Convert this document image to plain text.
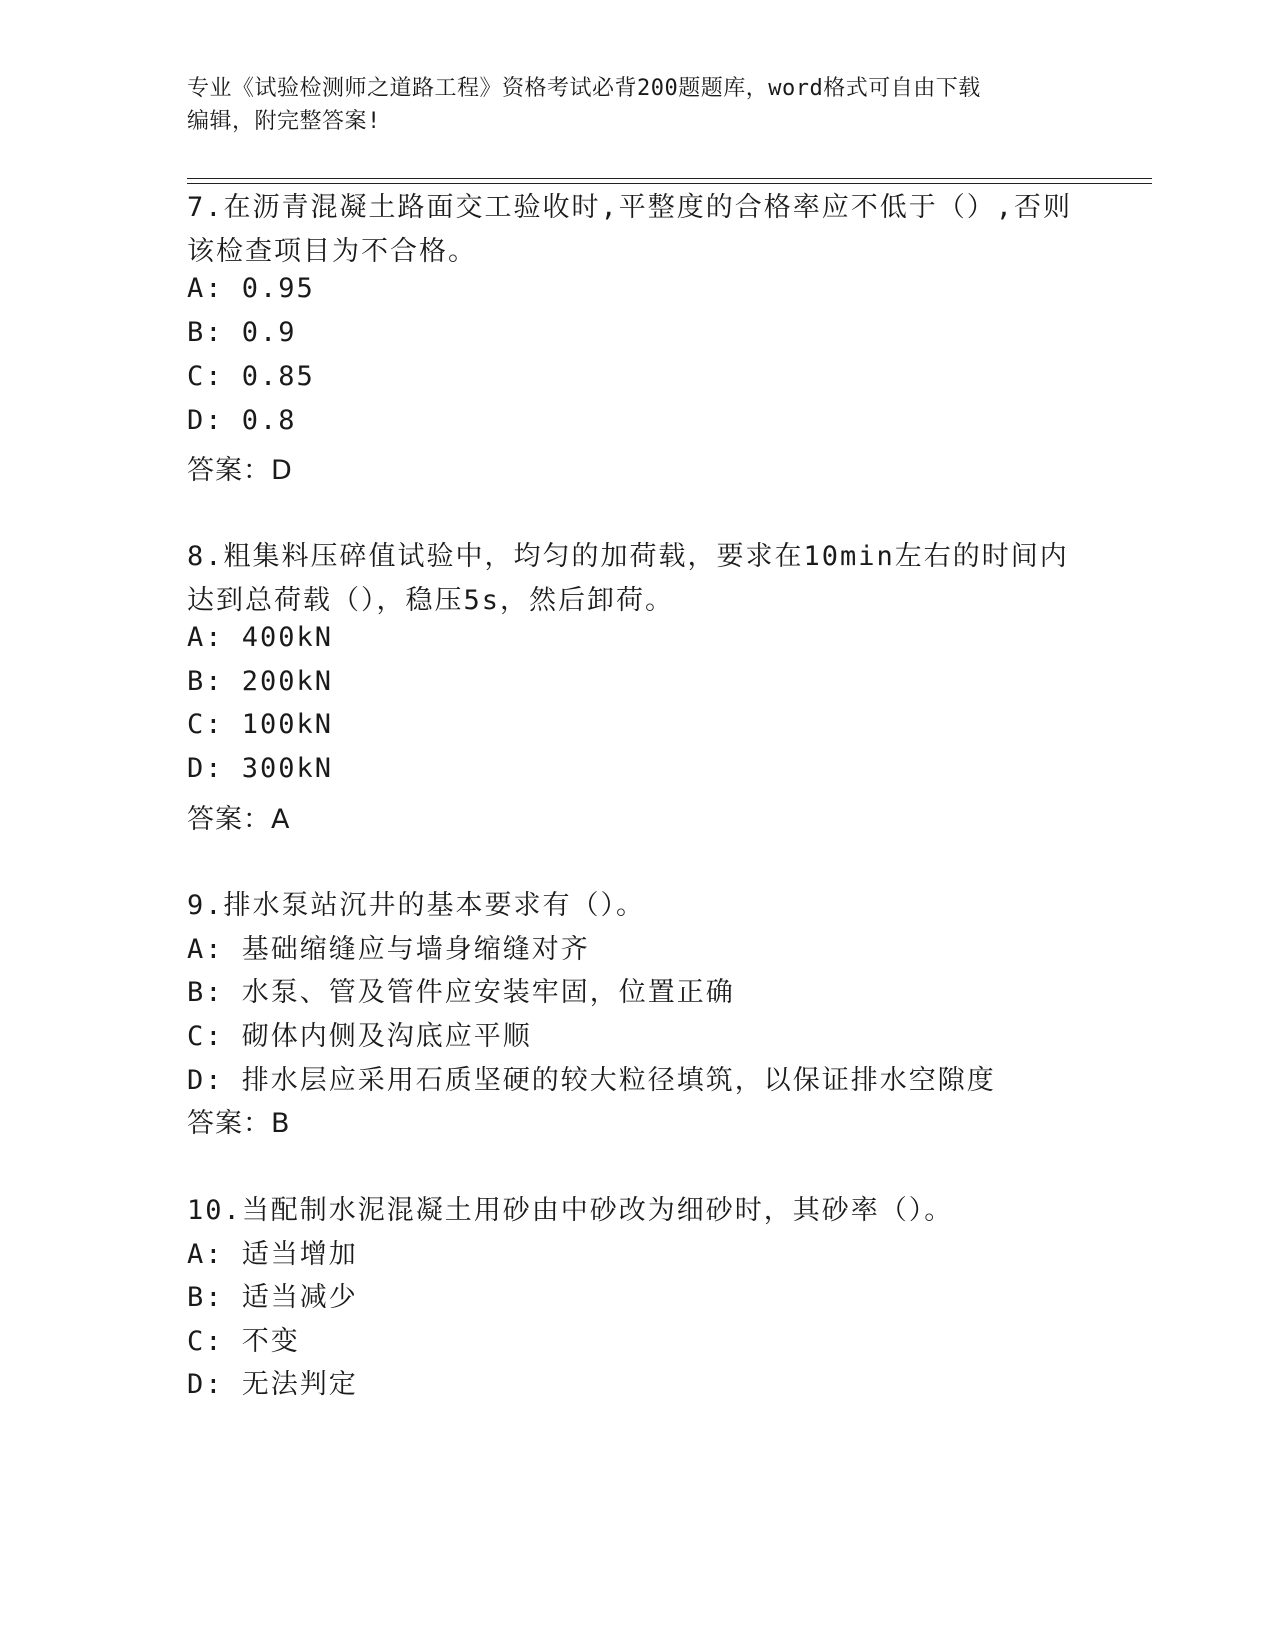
专业《试验检测师之道路工程》资格考试必背200题题库，word格式可自由下载
编辑，附完整答案!
7.在沥青混凝土路面交工验收时,平整度的合格率应不低于（）,否则
该检查项目为不合格。
A: 0.95
B: 0.9
C: 0.85
D: 0.8
答案：D
8.粗集料压碎值试验中，均匀的加荷载，要求在10min左右的时间内
达到总荷载（），稳压5s，然后卸荷。
A: 400kN
B: 200kN
C: 100kN
D: 300kN
答案：A
9.排水泵站沉井的基本要求有（）。
A: 基础缩缝应与墙身缩缝对齐
B: 水泵、管及管件应安装牢固，位置正确
C: 砌体内侧及沟底应平顺
D: 排水层应采用石质坚硬的较大粒径填筑，以保证排水空隙度
答案：B
10.当配制水泥混凝土用砂由中砂改为细砂时，其砂率（）。
A: 适当增加
B: 适当减少
C: 不变
D: 无法判定
